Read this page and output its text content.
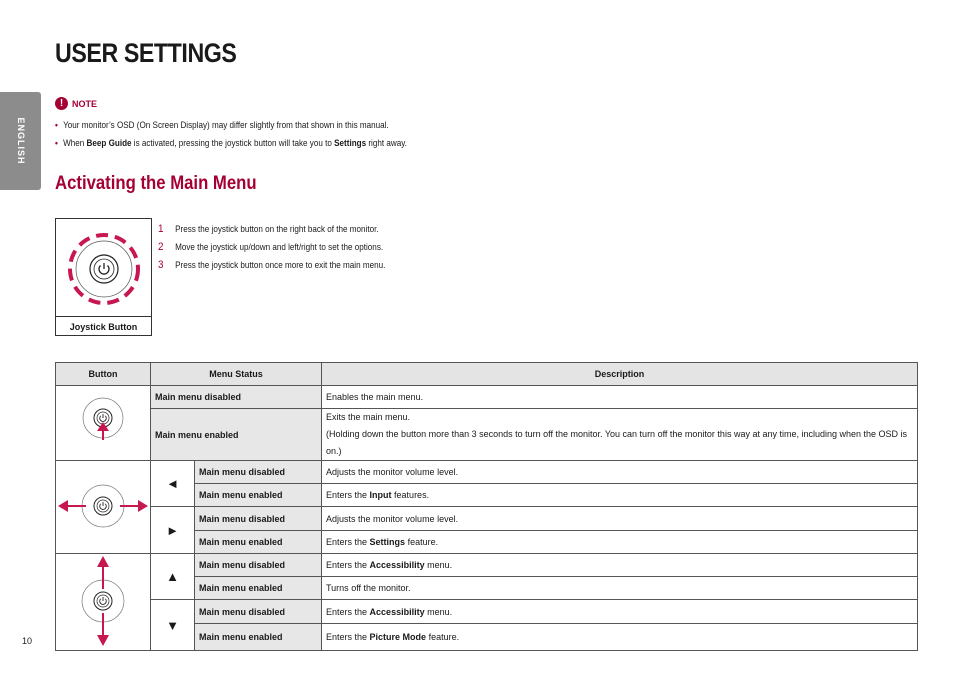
ENGLISH
USER SETTINGS
! NOTE
• Your monitor’s OSD (On Screen Display) may differ slightly from that shown in this manual.
• When Beep Guide is activated, pressing the joystick button will take you to Settings right away.
Activating the Main Menu
Joystick Button
1	Press the joystick button on the right back of the monitor.
2	Move the joystick up/down and left/right to set the options.
3	Press the joystick button once more to exit the main menu.
Button	Menu Status		Description
	Main menu disabled		Enables the main menu.
	Main menu enabled		Exits the main menu.
(Holding down the button more than 3 seconds to turn off the monitor. You can turn off the monitor this way at any time, including when the OSD is on.)

	◄	Main menu disabled	Adjusts the monitor volume level.
		Main menu enabled	Enters the Input features.
	►	Main menu disabled	Adjusts the monitor volume level.
		Main menu enabled	Enters the Settings feature.
	▲	Main menu disabled	Enters the Accessibility menu.
		Main menu enabled	Turns off the monitor.
	▼	Main menu disabled	Enters the Accessibility menu.
		Main menu enabled	Enters the Picture Mode feature.
10
